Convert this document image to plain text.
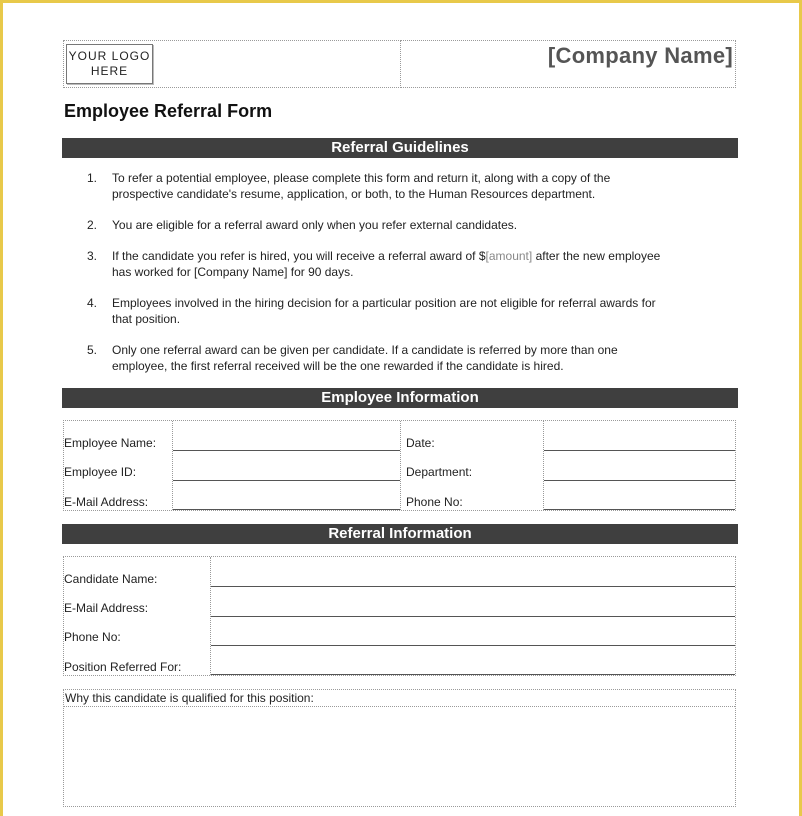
YOUR LOGO
HERE
[Company Name]
Employee Referral Form
Referral Guidelines
1. To refer a potential employee, please complete this form and return it, along with a copy of the
prospective candidate's resume, application, or both, to the Human Resources department.
2. You are eligible for a referral award only when you refer external candidates.
3. If the candidate you refer is hired, you will receive a referral award of $[amount] after the new employee
has worked for [Company Name] for 90 days.
4. Employees involved in the hiring decision for a particular position are not eligible for referral awards for
that position.
5. Only one referral award can be given per candidate. If a candidate is referred by more than one
employee, the first referral received will be the one rewarded if the candidate is hired.
Employee Information
Employee Name:
Employee ID:
E-Mail Address:
Date:
Department:
Phone No:
Referral Information
Candidate Name:
E-Mail Address:
Phone No:
Position Referred For:
Why this candidate is qualified for this position:
